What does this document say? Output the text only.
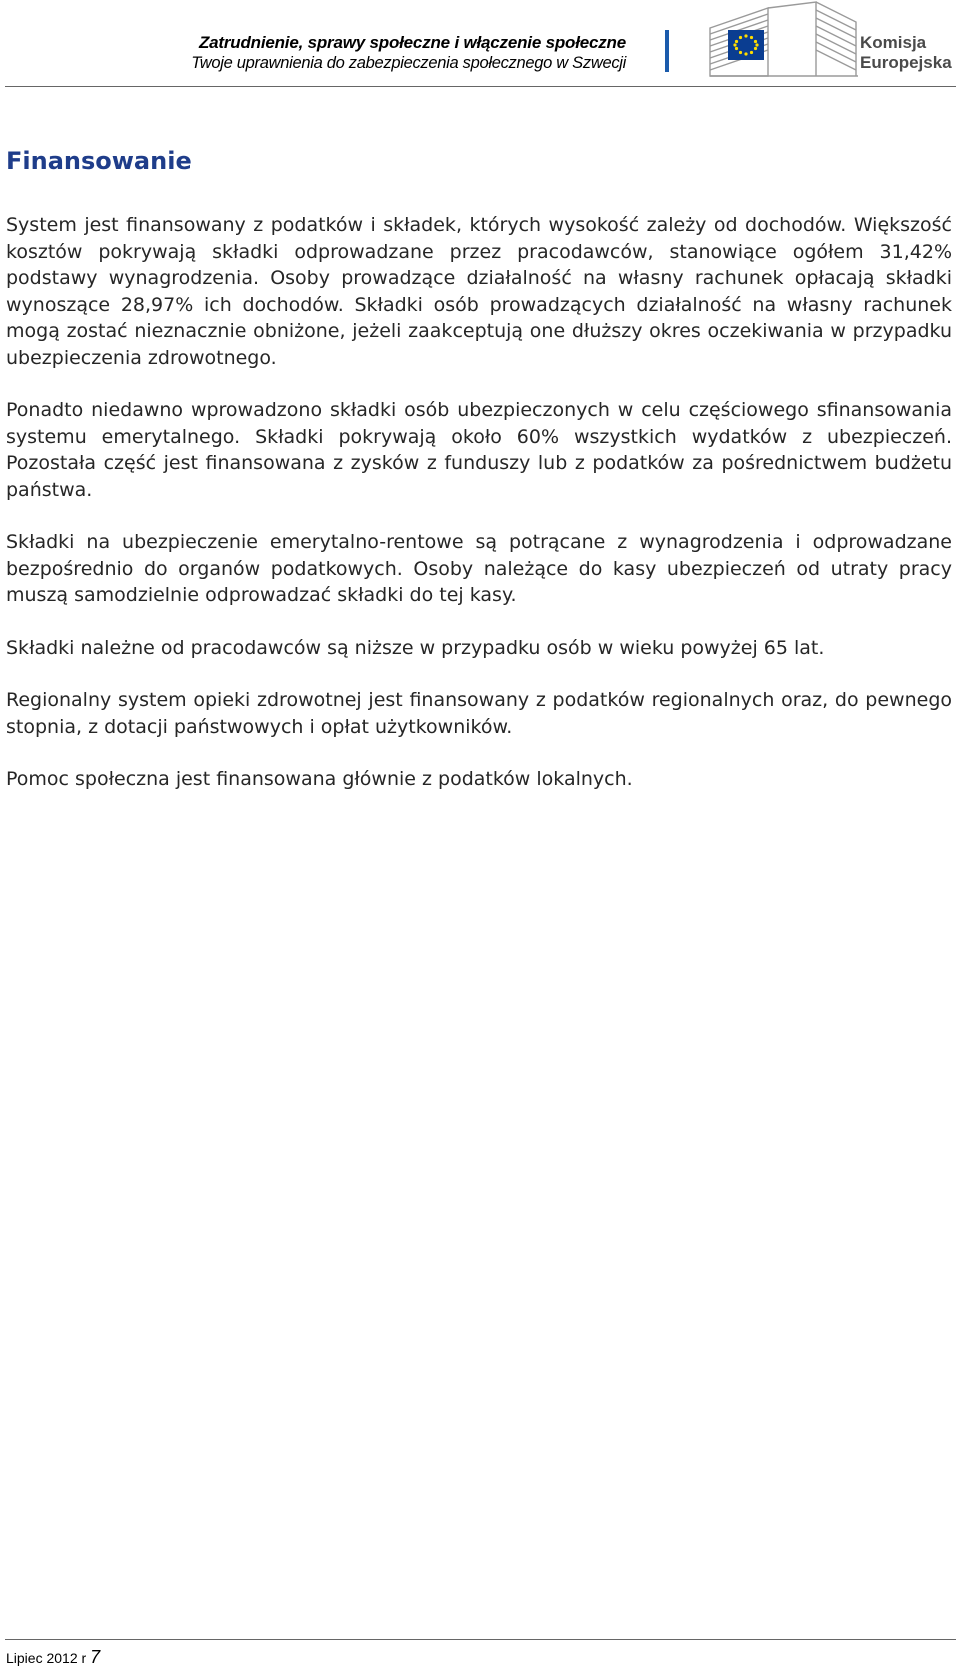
Zatrudnienie, sprawy społeczne i włączenie społeczne
Twoje uprawnienia do zabezpieczenia społecznego w Szwecji
Komisja
Europejska
Finansowanie

System jest finansowany z podatków i składek, których wysokość zależy od dochodów. Większość kosztów pokrywają składki odprowadzane przez pracodawców, stanowiące ogółem 31,42% podstawy wynagrodzenia. Osoby prowadzące działalność na własny rachunek opłacają składki wynoszące 28,97% ich dochodów. Składki osób prowadzących działalność na własny rachunek mogą zostać nieznacznie obniżone, jeżeli zaakceptują one dłuższy okres oczekiwania w przypadku ubezpieczenia zdrowotnego.

Ponadto niedawno wprowadzono składki osób ubezpieczonych w celu częściowego sfinansowania systemu emerytalnego. Składki pokrywają około 60% wszystkich wydatków z ubezpieczeń. Pozostała część jest finansowana z zysków z funduszy lub z podatków za pośrednictwem budżetu państwa.

Składki na ubezpieczenie emerytalno-rentowe są potrącane z wynagrodzenia i odprowadzane bezpośrednio do organów podatkowych. Osoby należące do kasy ubezpieczeń od utraty pracy muszą samodzielnie odprowadzać składki do tej kasy.

Składki należne od pracodawców są niższe w przypadku osób w wieku powyżej 65 lat.

Regionalny system opieki zdrowotnej jest finansowany z podatków regionalnych oraz, do pewnego stopnia, z dotacji państwowych i opłat użytkowników.

Pomoc społeczna jest finansowana głównie z podatków lokalnych.

Lipiec 2012 r 7
